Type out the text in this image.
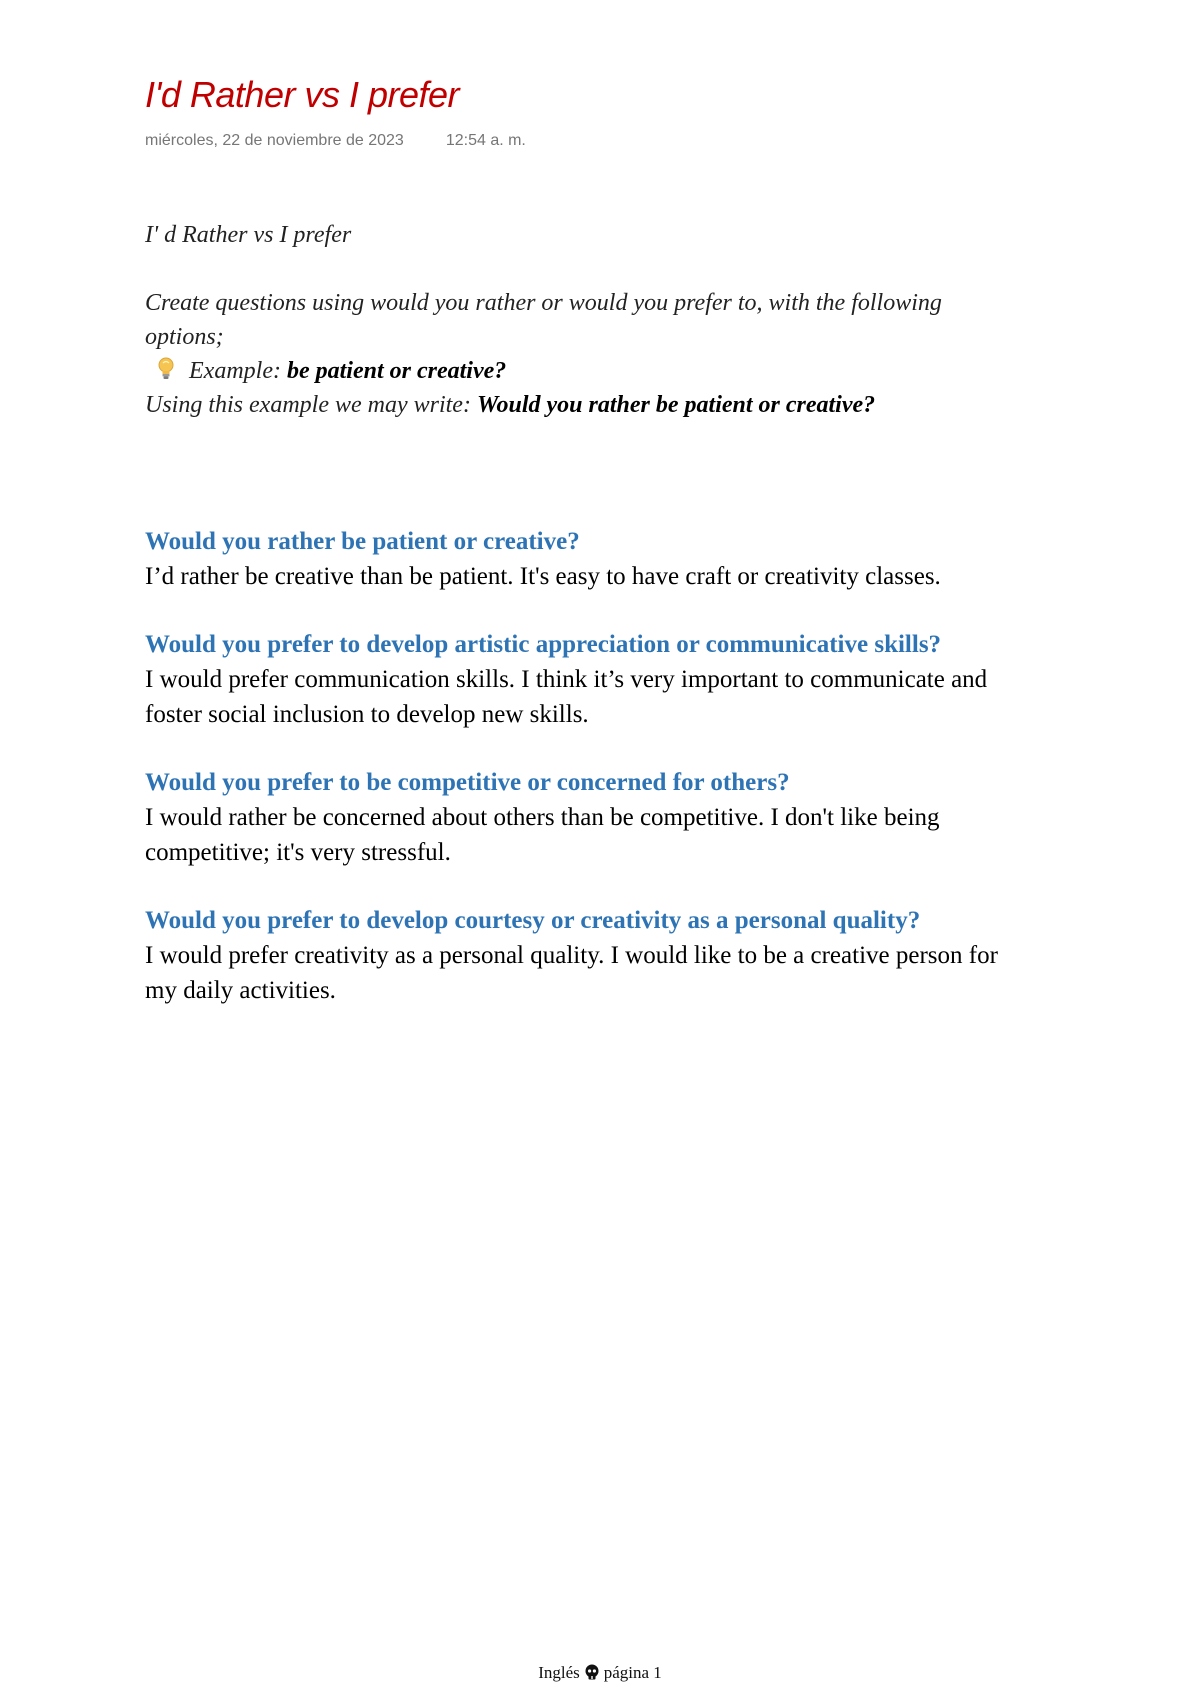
I'd Rather vs I prefer
miércoles, 22 de noviembre de 2023	12:54 a. m.

I' d Rather vs I prefer

Create questions using would you rather or would you prefer to, with the following options;

Example: be patient or creative?

Using this example we may write: Would you rather be patient or creative?

Would you rather be patient or creative?

I’d rather be creative than be patient. It's easy to have craft or creativity classes.

Would you prefer to develop artistic appreciation or communicative skills?

I would prefer communication skills. I think it’s very important to communicate and foster social inclusion to develop new skills.

Would you prefer to be competitive or concerned for others?

I would rather be concerned about others than be competitive. I don't like being competitive; it's very stressful.

Would you prefer to develop courtesy or creativity as a personal quality?

I would prefer creativity as a personal quality. I would like to be a creative person for my daily activities.

Inglés página 1
